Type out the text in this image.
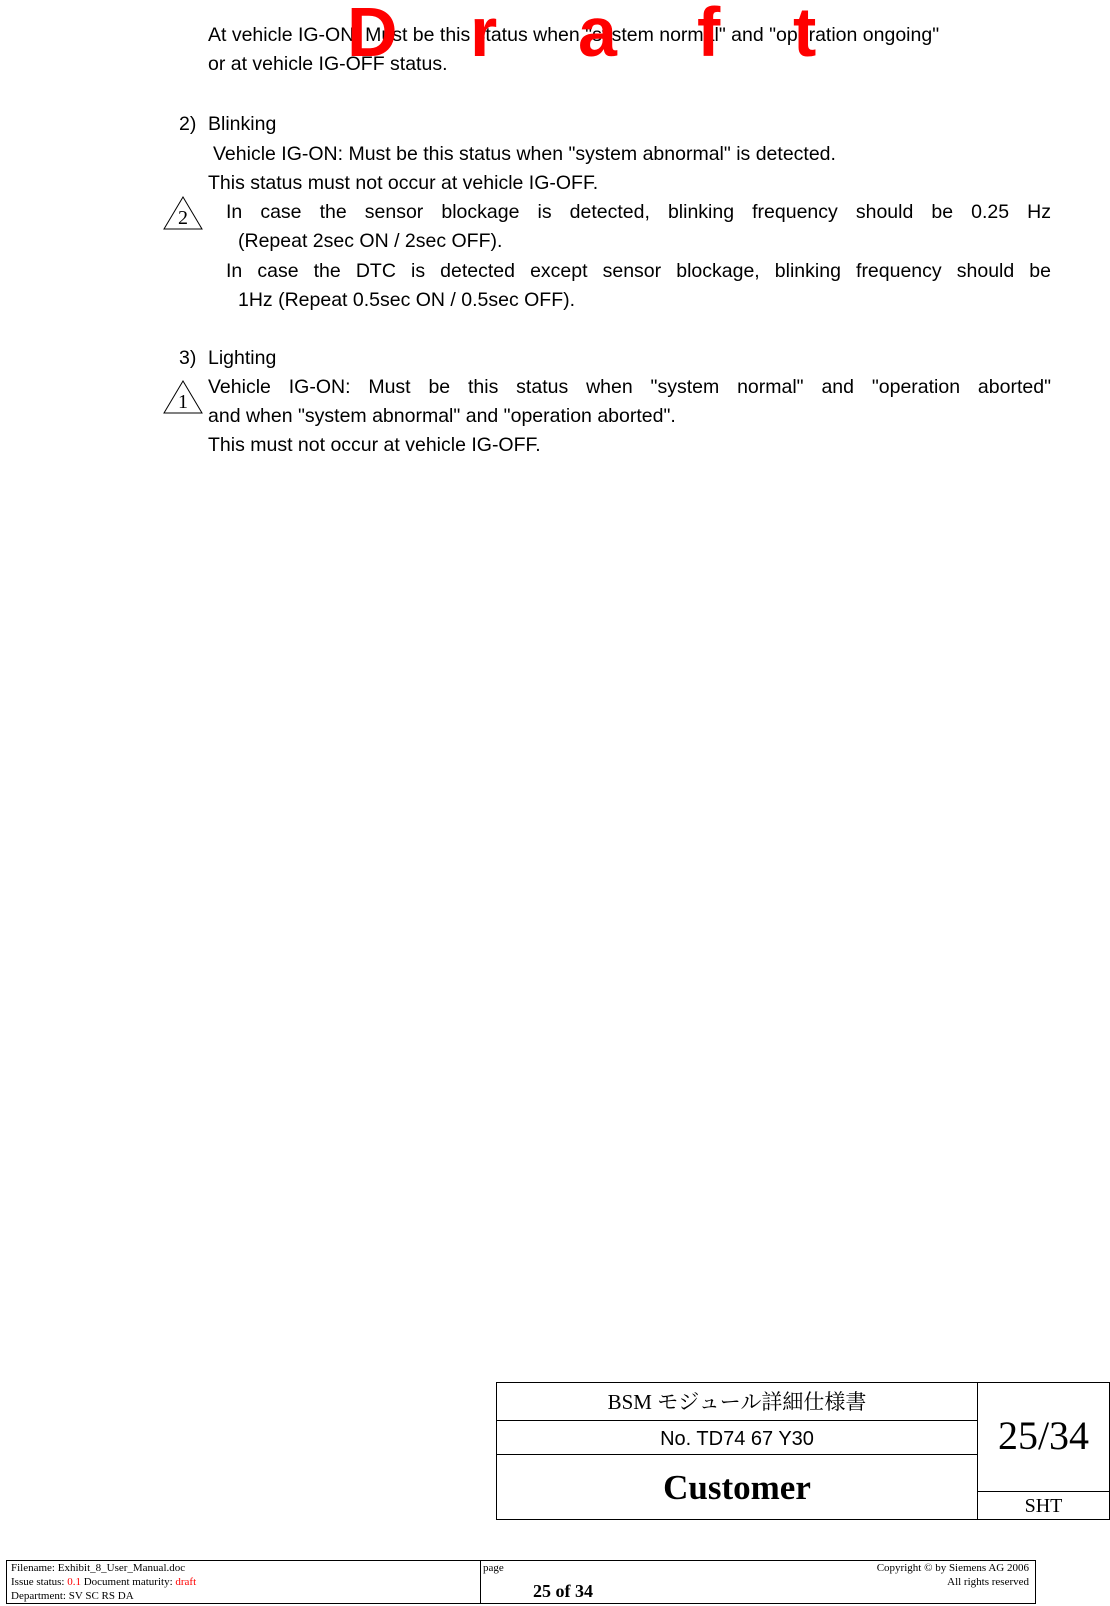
At vehicle IG-ON: Must be this status when "system normal" and "operation ongoing"
or at vehicle IG-OFF status.
2) Blinking
Vehicle IG-ON: Must be this status when "system abnormal" is detected.
This status must not occur at vehicle IG-OFF.
2	In case the sensor blockage is detected, blinking frequency should be 0.25 Hz
(Repeat 2sec ON / 2sec OFF).
In case the DTC is detected except sensor blockage, blinking frequency should be
1Hz (Repeat 0.5sec ON / 0.5sec OFF).
3) Lighting
1
Vehicle IG-ON: Must be this status when "system normal" and "operation aborted"
and when "system abnormal" and "operation aborted".
This must not occur at vehicle IG-OFF.
D r a f t
BSM モジュール詳細仕様書
No. TD74 67 Y30
Customer
25/34
SHT
Filename: Exhibit_8_User_Manual.doc
Issue status: 0.1 Document maturity: draft
Department: SV SC RS DA
page
25 of 34
Copyright © by Siemens AG 2006
All rights reserved
